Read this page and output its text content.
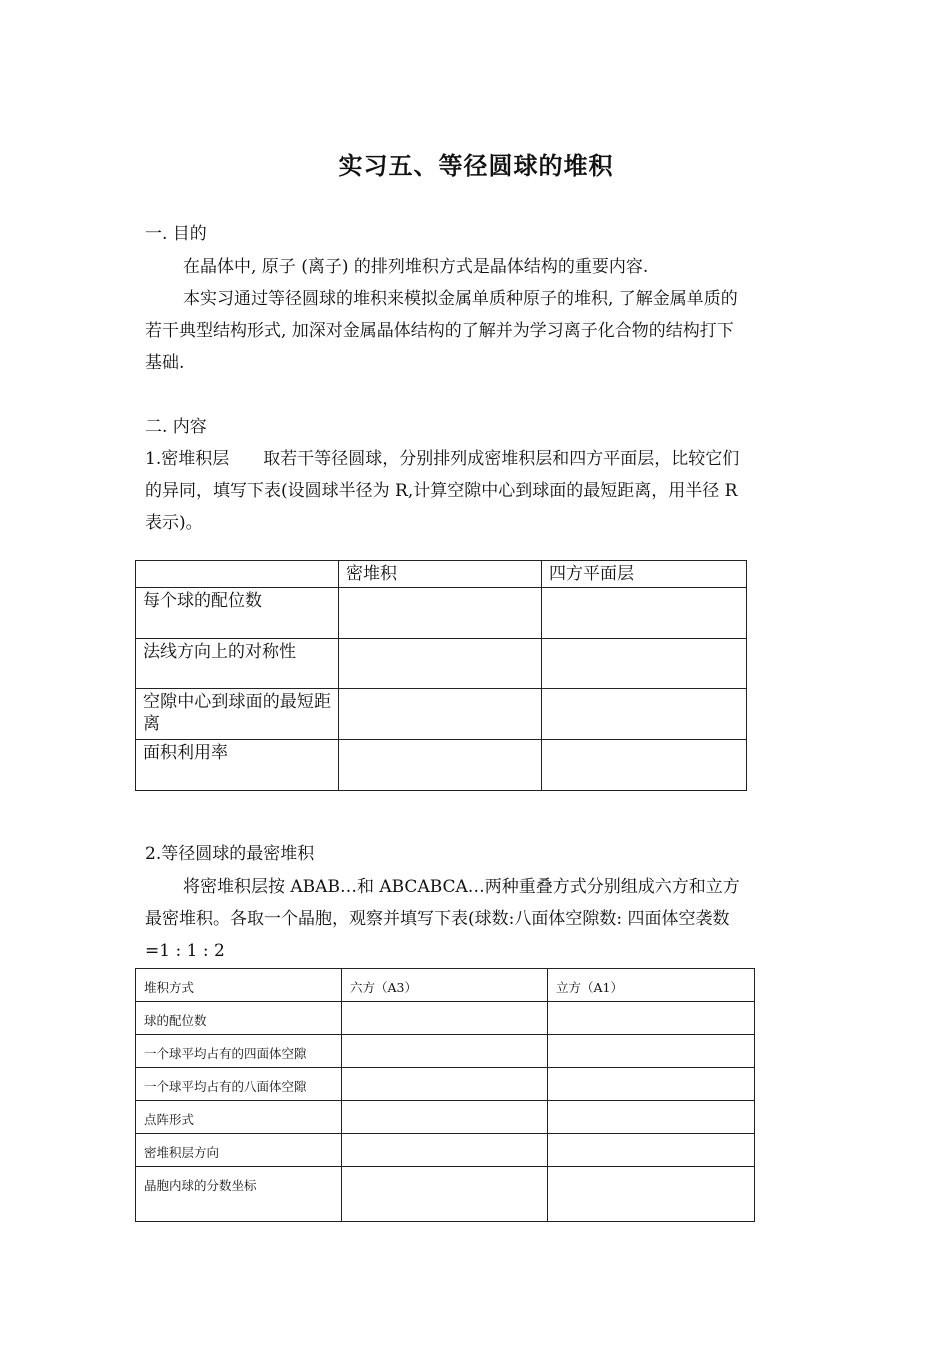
实习五、等径圆球的堆积
一. 目的
在晶体中, 原子 (离子) 的排列堆积方式是晶体结构的重要内容.
本实习通过等径圆球的堆积来模拟金属单质种原子的堆积, 了解金属单质的
若干典型结构形式, 加深对金属晶体结构的了解并为学习离子化合物的结构打下
基础.
二. 内容
1.密堆积层　　取若干等径圆球，分别排列成密堆积层和四方平面层，比较它们
的异同，填写下表(设圆球半径为 R,计算空隙中心到球面的最短距离，用半径 R
表示)。
	密堆积	四方平面层
每个球的配位数		
法线方向上的对称性		
空隙中心到球面的最短距离		
面积利用率		
2.等径圆球的最密堆积
将密堆积层按 ABAB…和 ABCABCA…两种重叠方式分别组成六方和立方
最密堆积。各取一个晶胞，观察并填写下表(球数:八面体空隙数: 四面体空袭数
=1 : 1 : 2
堆积方式	六方（A3）	立方（A1）
球的配位数		
一个球平均占有的四面体空隙		
一个球平均占有的八面体空隙		
点阵形式		
密堆积层方向		
晶胞内球的分数坐标		
